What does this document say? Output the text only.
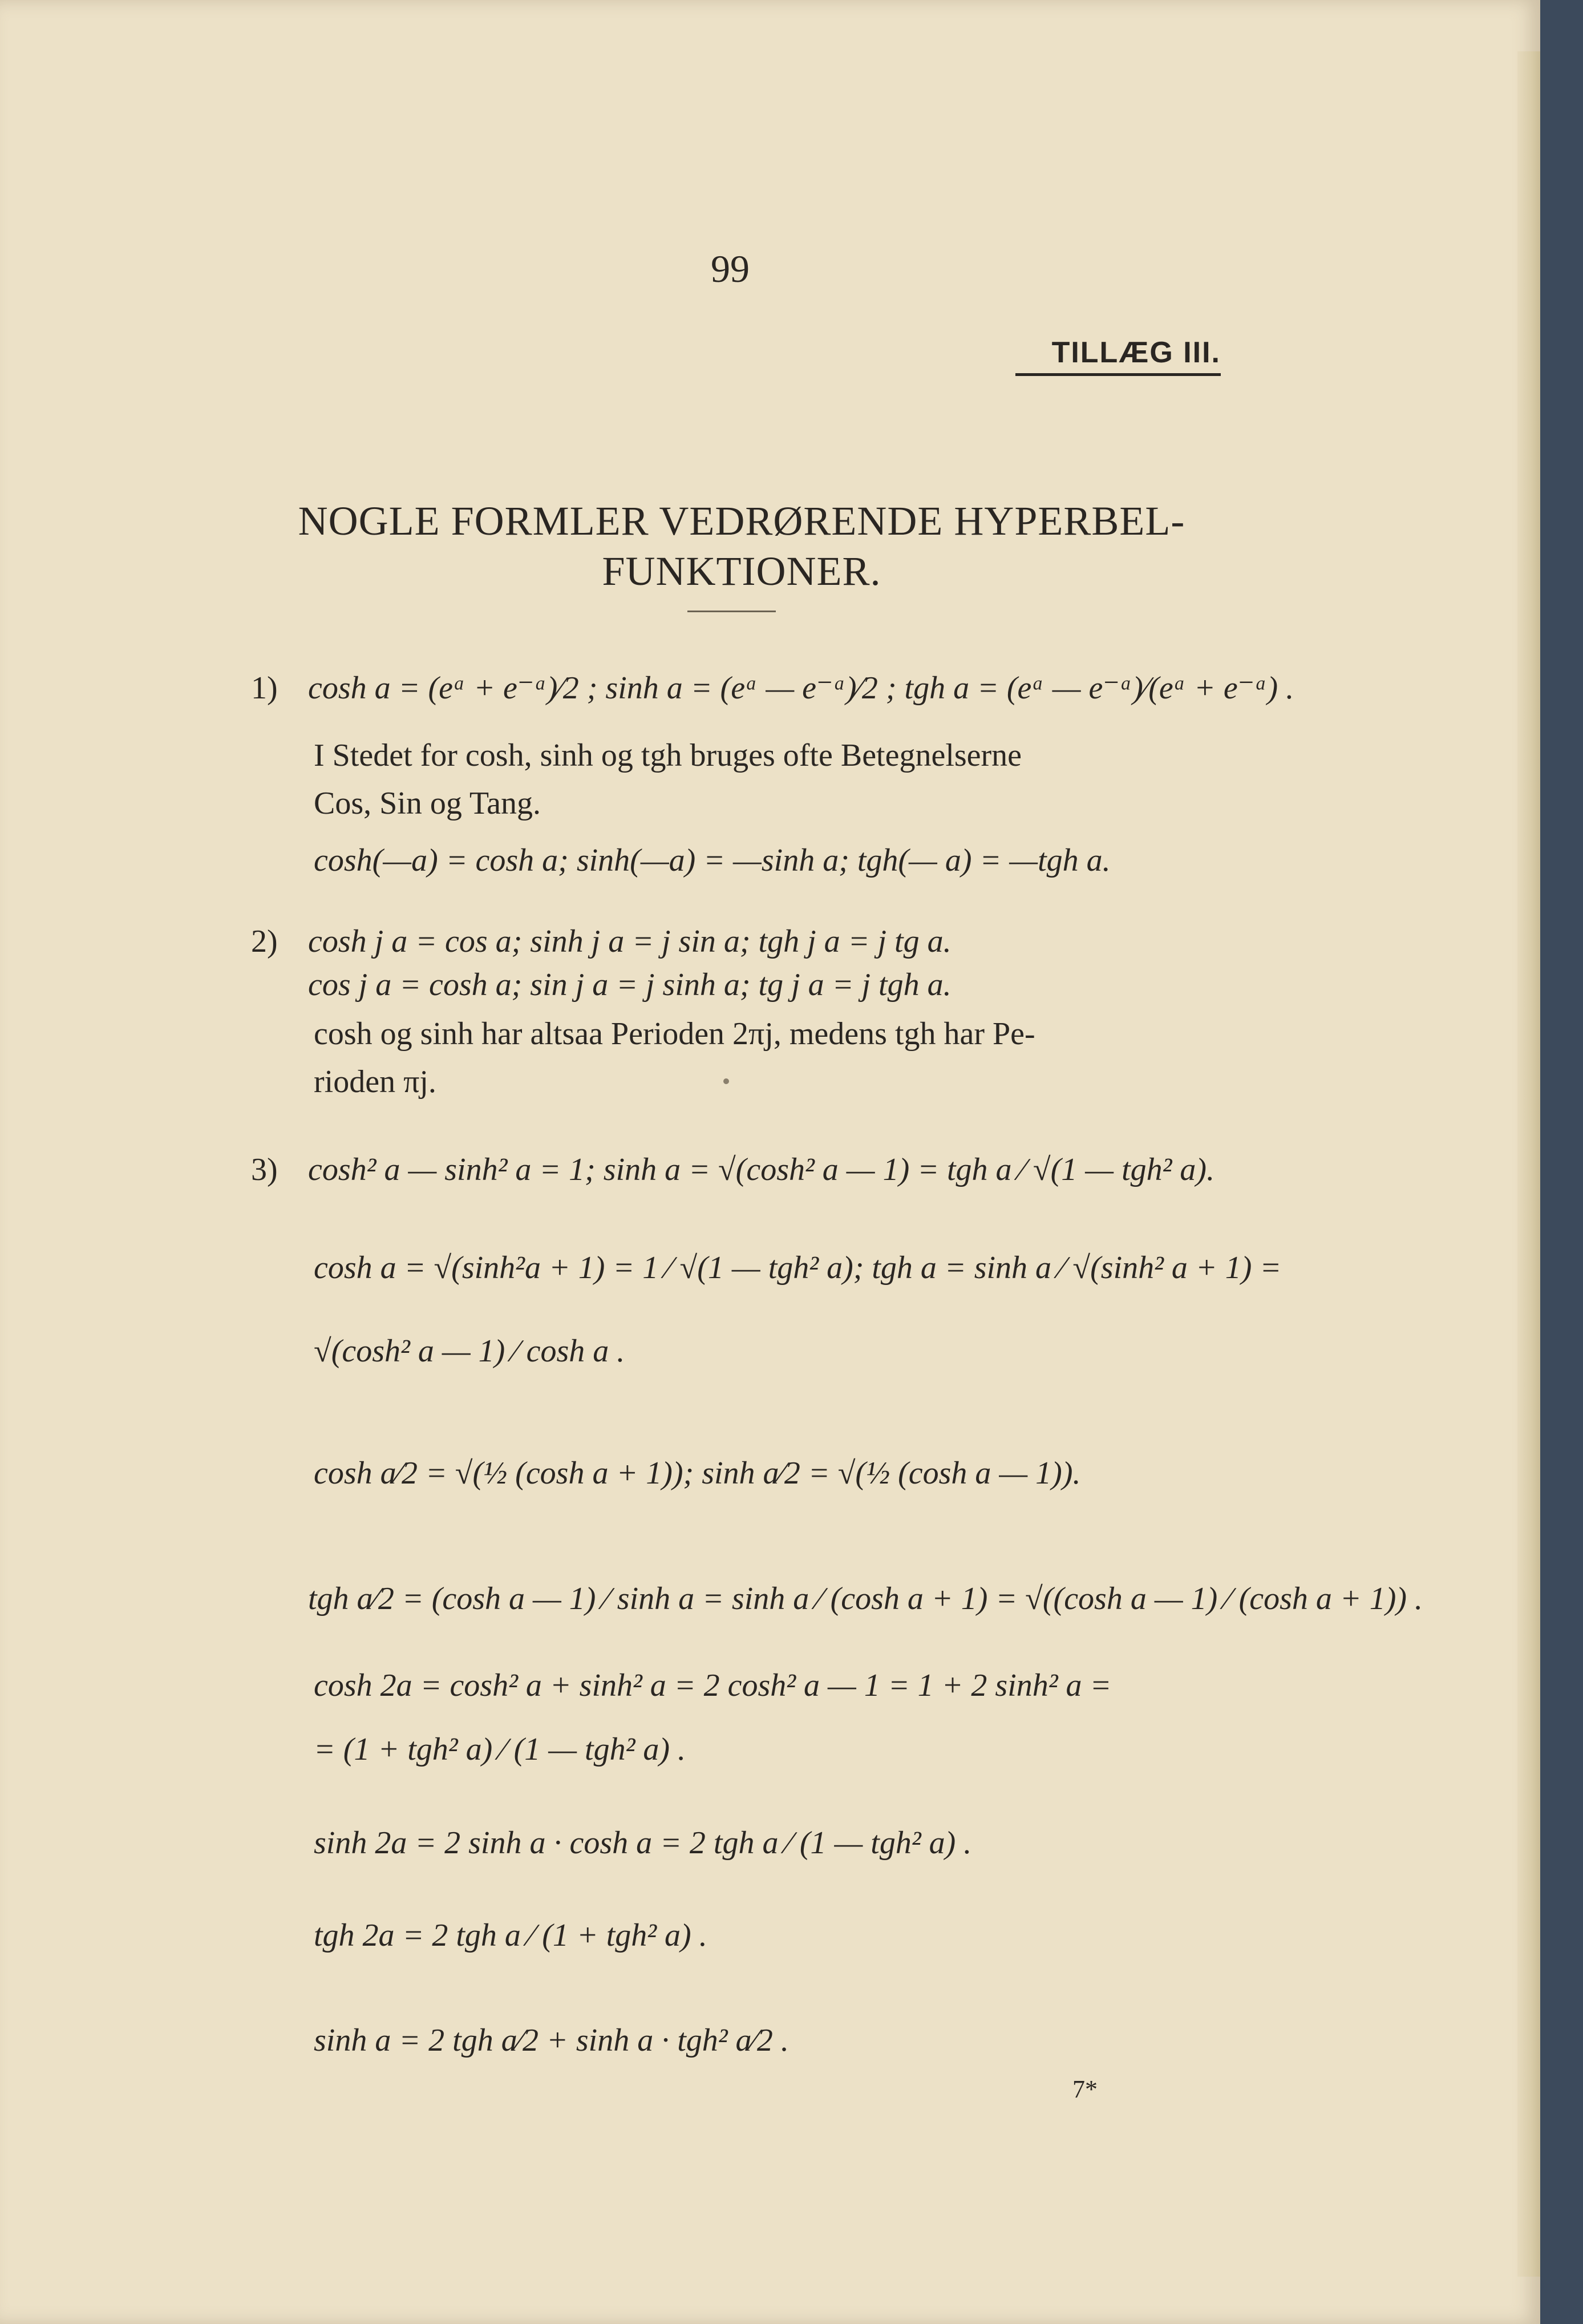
99
TILLÆG III.
NOGLE FORMLER VEDRØRENDE HYPERBEL-
FUNKTIONER.
1) cosh a = (eᵃ + e⁻ᵃ)⁄2 ; sinh a = (eᵃ — e⁻ᵃ)⁄2 ; tgh a = (eᵃ — e⁻ᵃ)⁄(eᵃ + e⁻ᵃ) .
I Stedet for cosh, sinh og tgh bruges ofte Betegnelserne
Cos, Sin og Tang.
cosh(—a) = cosh a; sinh(—a) = —sinh a; tgh(— a) = —tgh a.
2) cosh j a = cos a; sinh j a = j sin a; tgh j a = j tg a.
cos j a = cosh a; sin j a = j sinh a; tg j a = j tgh a.
cosh og sinh har altsaa Perioden 2πj, medens tgh har Pe-
rioden πj.
3) cosh² a — sinh² a = 1; sinh a = √(cosh² a — 1) = tgh a ⁄ √(1 — tgh² a).
cosh a = √(sinh²a + 1) = 1 ⁄ √(1 — tgh² a); tgh a = sinh a ⁄ √(sinh² a + 1) =
√(cosh² a — 1) ⁄ cosh a .
cosh a⁄2 = √(½ (cosh a + 1)); sinh a⁄2 = √(½ (cosh a — 1)).
tgh a⁄2 = (cosh a — 1) ⁄ sinh a = sinh a ⁄ (cosh a + 1) = √((cosh a — 1) ⁄ (cosh a + 1)) .
cosh 2a = cosh² a + sinh² a = 2 cosh² a — 1 = 1 + 2 sinh² a =
= (1 + tgh² a) ⁄ (1 — tgh² a) .
sinh 2a = 2 sinh a · cosh a = 2 tgh a ⁄ (1 — tgh² a) .
tgh 2a = 2 tgh a ⁄ (1 + tgh² a) .
sinh a = 2 tgh a⁄2 + sinh a · tgh² a⁄2 .
7*
